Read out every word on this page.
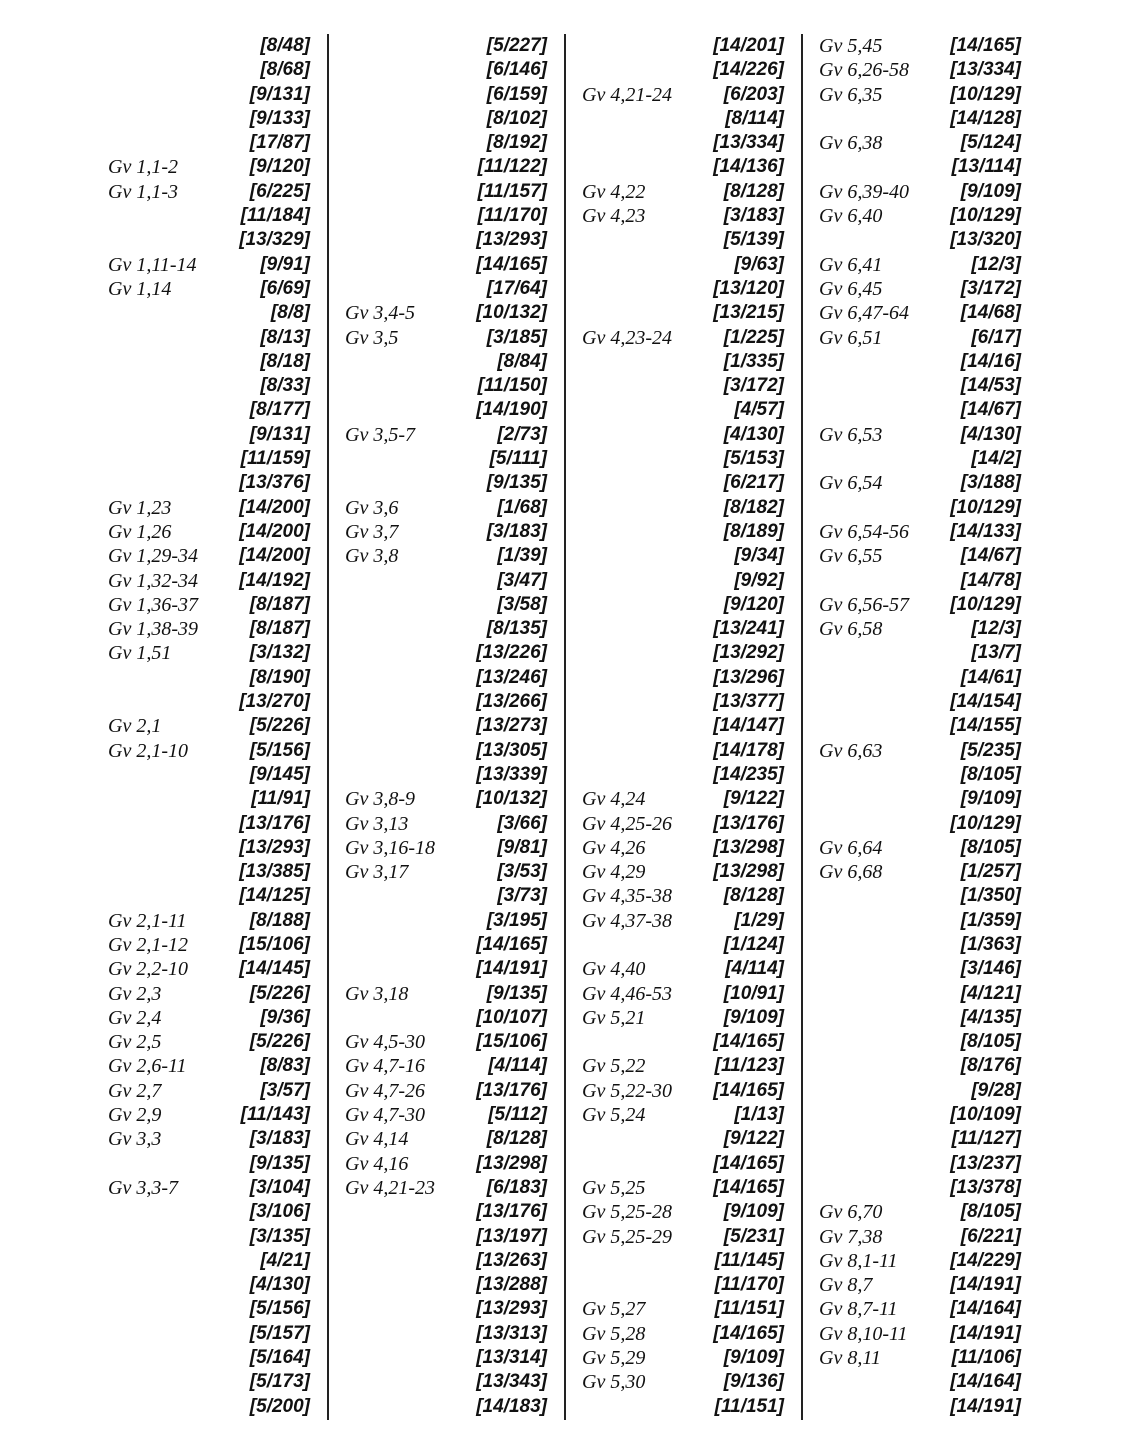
[8/48]
[8/68]
[9/131]
[9/133]
[17/87]
Gv 1,1-2	[9/120]
Gv 1,1-3	[6/225]
[11/184]
[13/329]
Gv 1,11-14	[9/91]
Gv 1,14	[6/69]
[8/8]
[8/13]
[8/18]
[8/33]
[8/177]
[9/131]
[11/159]
[13/376]
Gv 1,23	[14/200]
Gv 1,26	[14/200]
Gv 1,29-34 [14/200]
Gv 1,32-34 [14/192]
Gv 1,36-37	[8/187]
Gv 1,38-39	[8/187]
Gv 1,51	[3/132]
[8/190]
[13/270]
Gv 2,1	[5/226]
Gv 2,1-10	[5/156]
[9/145]
[11/91]
[13/176]
[13/293]
[13/385]
[14/125]
Gv 2,1-11	[8/188]
Gv 2,1-12	[15/106]
Gv 2,2-10	[14/145]
Gv 2,3	[5/226]
Gv 2,4	[9/36]
Gv 2,5	[5/226]
Gv 2,6-11	[8/83]
Gv 2,7	[3/57]
Gv 2,9	[11/143]
Gv 3,3	[3/183]
[9/135]
Gv 3,3-7	[3/104]
[3/106]
[3/135]
[4/21]
[4/130]
[5/156]
[5/157]
[5/164]
[5/173]
[5/200]
[5/227]
[6/146]
[6/159]
[8/102]
[8/192]
[11/122]
[11/157]
[11/170]
[13/293]
[14/165]
[17/64]
Gv 3,4-5	[10/132]
Gv 3,5	[3/185]
[8/84]
[11/150]
[14/190]
Gv 3,5-7	[2/73]
[5/111]
[9/135]
Gv 3,6	[1/68]
Gv 3,7	[3/183]
Gv 3,8	[1/39]
[3/47]
[3/58]
[8/135]
[13/226]
[13/246]
[13/266]
[13/273]
[13/305]
[13/339]
Gv 3,8-9	[10/132]
Gv 3,13	[3/66]
Gv 3,16-18	[9/81]
Gv 3,17	[3/53]
[3/73]
[3/195]
[14/165]
[14/191]
Gv 3,18	[9/135]
[10/107]
Gv 4,5-30	[15/106]
Gv 4,7-16	[4/114]
Gv 4,7-26	[13/176]
Gv 4,7-30	[5/112]
Gv 4,14	[8/128]
Gv 4,16	[13/298]
Gv 4,21-23	[6/183]
[13/176]
[13/197]
[13/263]
[13/288]
[13/293]
[13/313]
[13/314]
[13/343]
[14/183]
[14/201]
[14/226]
Gv 4,21-24	[6/203]
[8/114]
[13/334]
[14/136]
Gv 4,22	[8/128]
Gv 4,23	[3/183]
[5/139]
[9/63]
[13/120]
[13/215]
Gv 4,23-24	[1/225]
[1/335]
[3/172]
[4/57]
[4/130]
[5/153]
[6/217]
[8/182]
[8/189]
[9/34]
[9/92]
[9/120]
[13/241]
[13/292]
[13/296]
[13/377]
[14/147]
[14/178]
[14/235]
Gv 4,24	[9/122]
Gv 4,25-26 [13/176]
Gv 4,26	[13/298]
Gv 4,29	[13/298]
Gv 4,35-38	[8/128]
Gv 4,37-38	[1/29]
[1/124]
Gv 4,40	[4/114]
Gv 4,46-53	[10/91]
Gv 5,21	[9/109]
[14/165]
Gv 5,22	[11/123]
Gv 5,22-30 [14/165]
Gv 5,24	[1/13]
[9/122]
[14/165]
Gv 5,25	[14/165]
Gv 5,25-28	[9/109]
Gv 5,25-29	[5/231]
[11/145]
[11/170]
Gv 5,27	[11/151]
Gv 5,28	[14/165]
Gv 5,29	[9/109]
Gv 5,30	[9/136]
[11/151]
Gv 5,45	[14/165]
Gv 6,26-58 [13/334]
Gv 6,35	[10/129]
[14/128]
Gv 6,38	[5/124]
[13/114]
Gv 6,39-40	[9/109]
Gv 6,40	[10/129]
[13/320]
Gv 6,41	[12/3]
Gv 6,45	[3/172]
Gv 6,47-64	[14/68]
Gv 6,51	[6/17]
[14/16]
[14/53]
[14/67]
Gv 6,53	[4/130]
[14/2]
Gv 6,54	[3/188]
[10/129]
Gv 6,54-56 [14/133]
Gv 6,55	[14/67]
[14/78]
Gv 6,56-57 [10/129]
Gv 6,58	[12/3]
[13/7]
[14/61]
[14/154]
[14/155]
Gv 6,63	[5/235]
[8/105]
[9/109]
[10/129]
Gv 6,64	[8/105]
Gv 6,68	[1/257]
[1/350]
[1/359]
[1/363]
[3/146]
[4/121]
[4/135]
[8/105]
[8/176]
[9/28]
[10/109]
[11/127]
[13/237]
[13/378]
Gv 6,70	[8/105]
Gv 7,38	[6/221]
Gv 8,1-11	[14/229]
Gv 8,7	[14/191]
Gv 8,7-11	[14/164]
Gv 8,10-11 [14/191]
Gv 8,11	[11/106]
[14/164]
[14/191]
